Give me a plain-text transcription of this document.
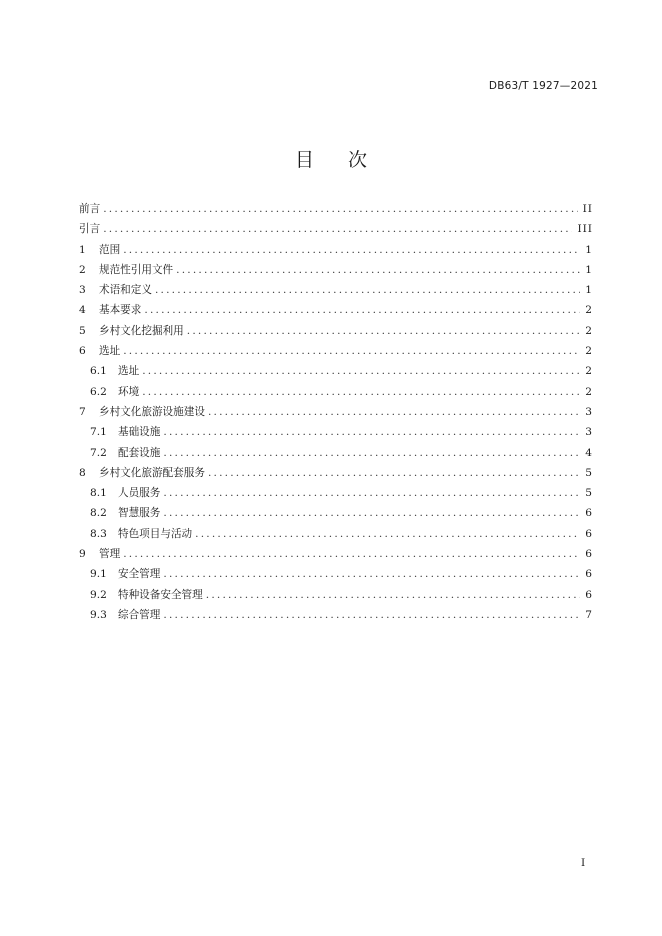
DB63/T 1927—2021
目 次
前言 .....	II
引言 .....	III
1	范围 .....	1
2	规范性引用文件 .....	1
3	术语和定义 .....	1
4	基本要求 .....	2
5	乡村文化挖掘利用 .....	2
6	选址 .....	2
6.1	选址 .....	2
6.2	环境 .....	2
7	乡村文化旅游设施建设 .....	3
7.1	基础设施 .....	3
7.2	配套设施 .....	4
8	乡村文化旅游配套服务 .....	5
8.1	人员服务 .....	5
8.2	智慧服务 .....	6
8.3	特色项目与活动 .....	6
9	管理 .....	6
9.1	安全管理 .....	6
9.2	特种设备安全管理 .....	6
9.3	综合管理 .....	7
I
